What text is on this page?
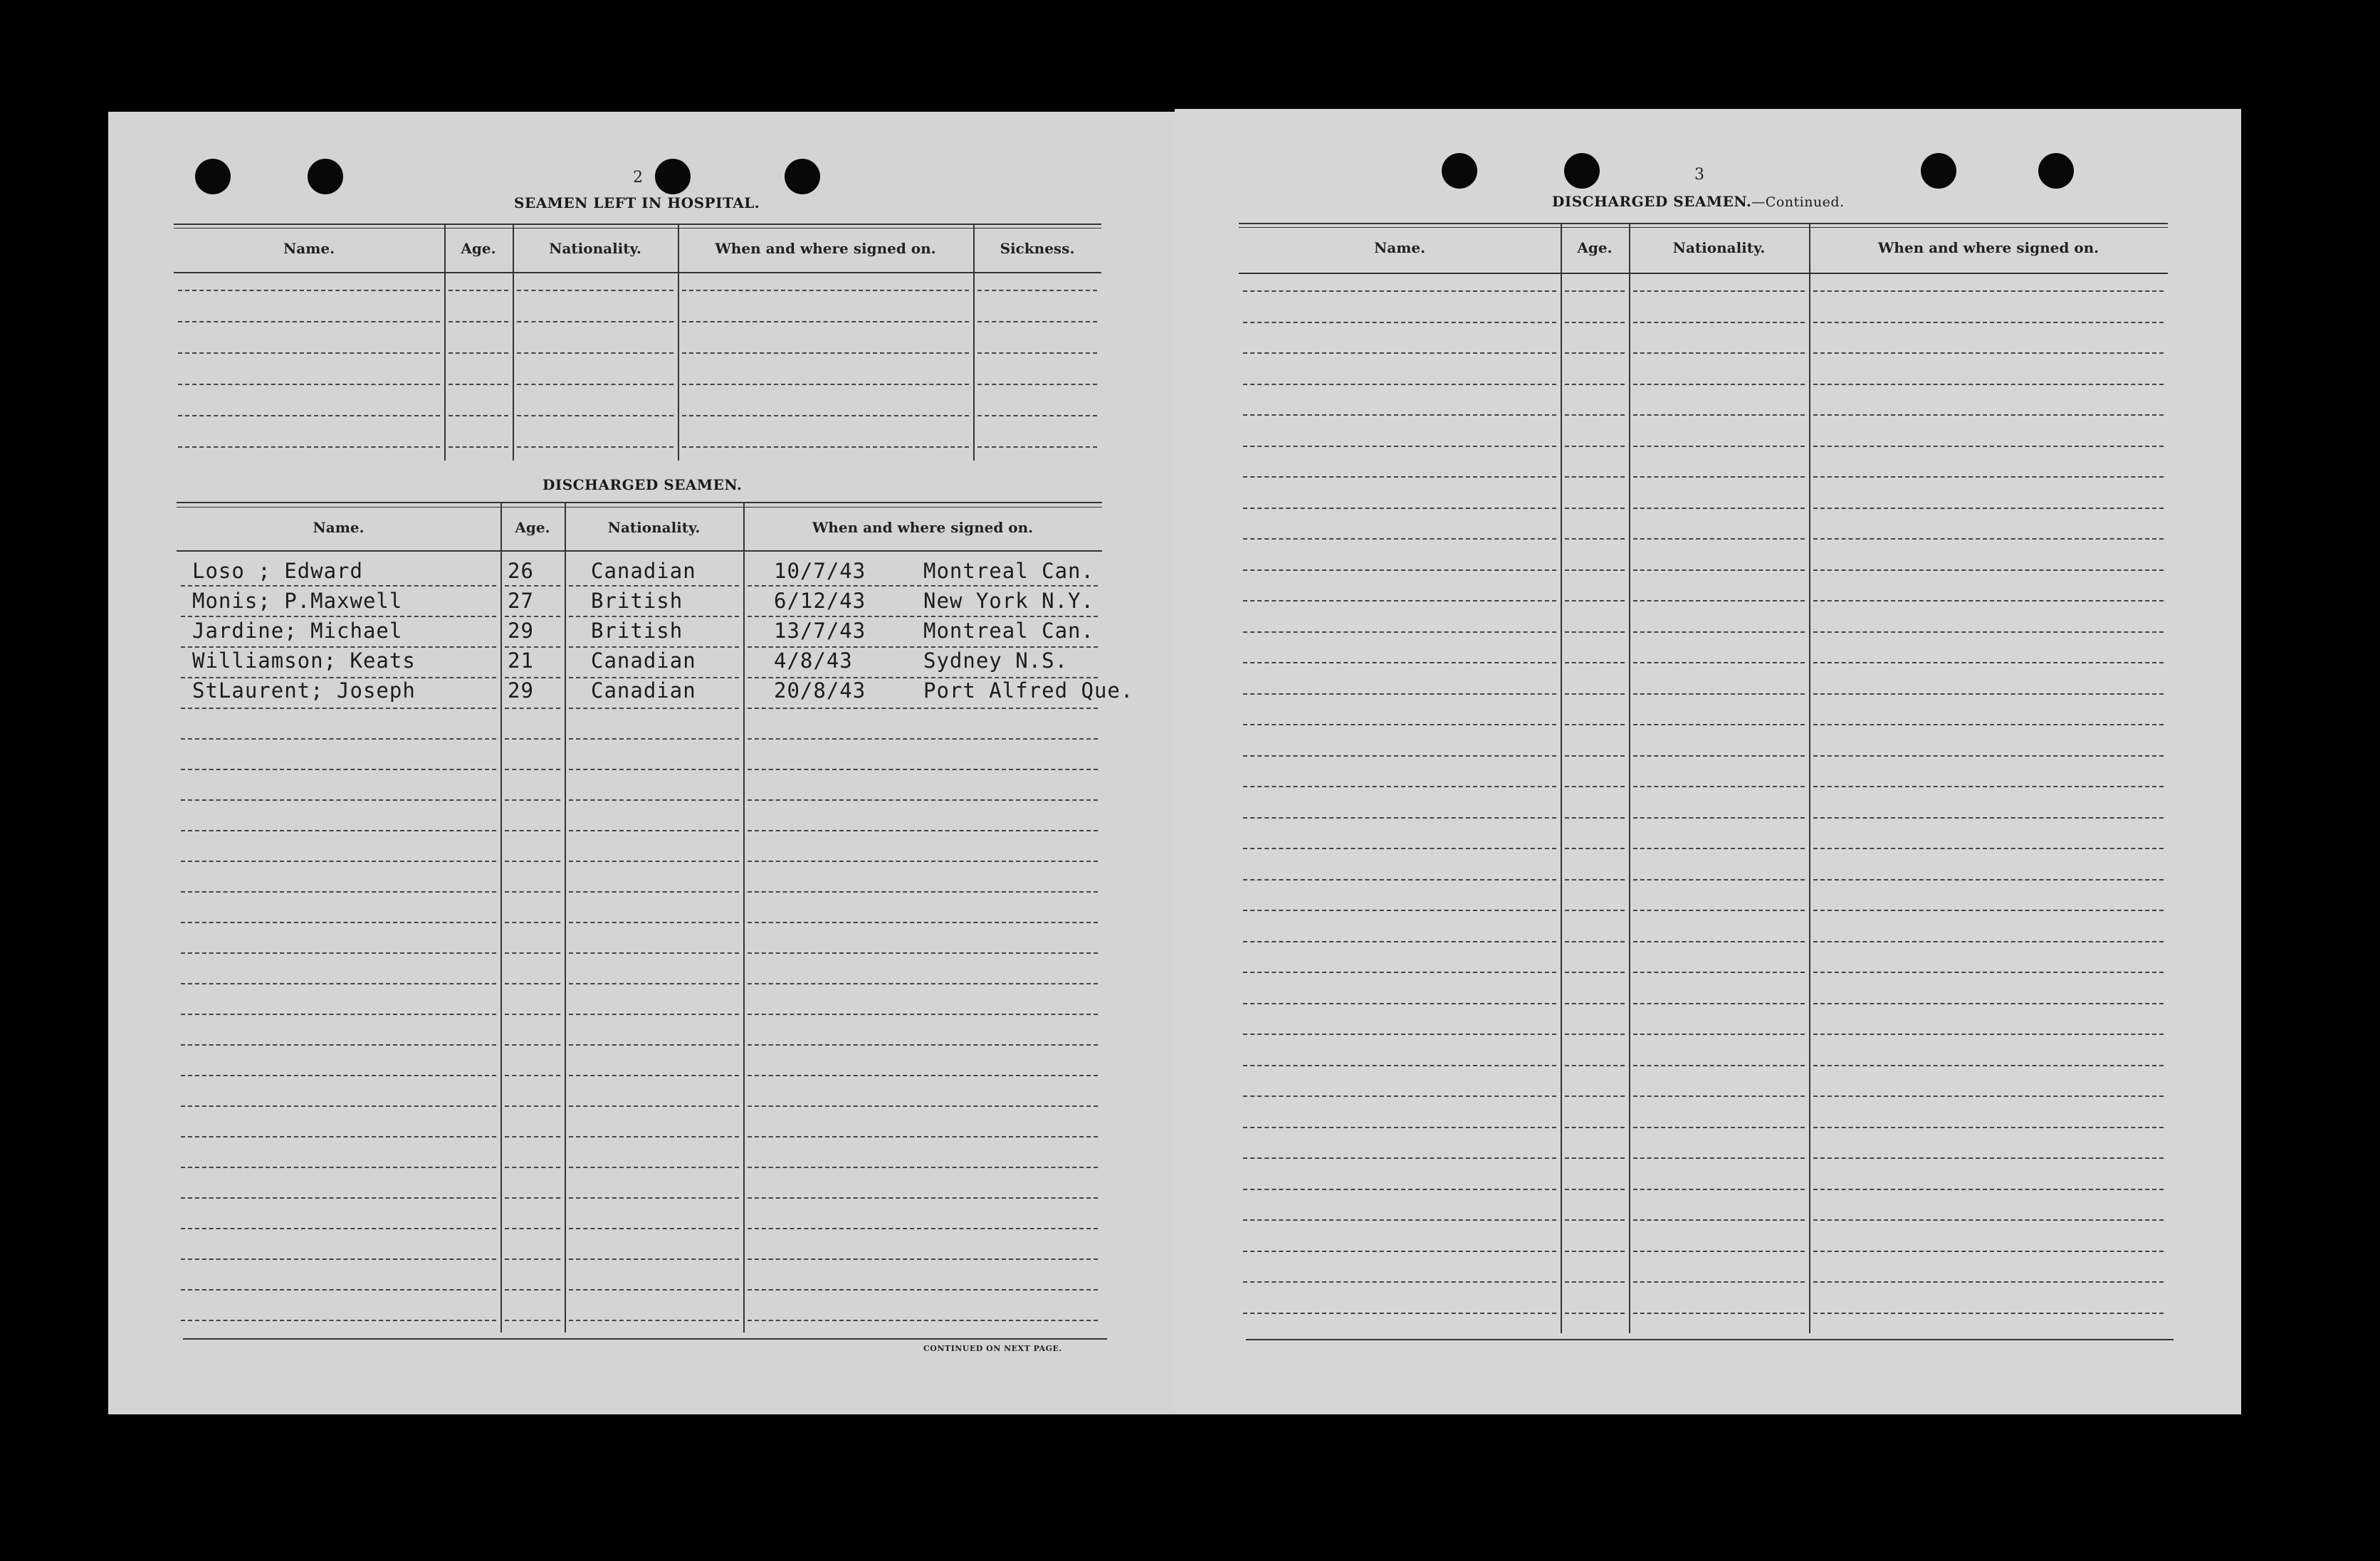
2
SEAMEN LEFT IN HOSPITAL.
Name.	Age.	Nationality.	When and where signed on.	Sickness.
DISCHARGED SEAMEN.
Name.	Age.	Nationality.	When and where signed on.
Loso ; Edward	26	Canadian	10/7/43	Montreal Can.
Monis; P.Maxwell	27	British	6/12/43	New York N.Y.
Jardine; Michael	29	British	13/7/43	Montreal Can.
Williamson; Keats	21	Canadian	4/8/43	Sydney N.S.
StLaurent; Joseph	29	Canadian	20/8/43	Port Alfred Que.
CONTINUED ON NEXT PAGE.
3
DISCHARGED SEAMEN.—Continued.
Name.	Age.	Nationality.	When and where signed on.
